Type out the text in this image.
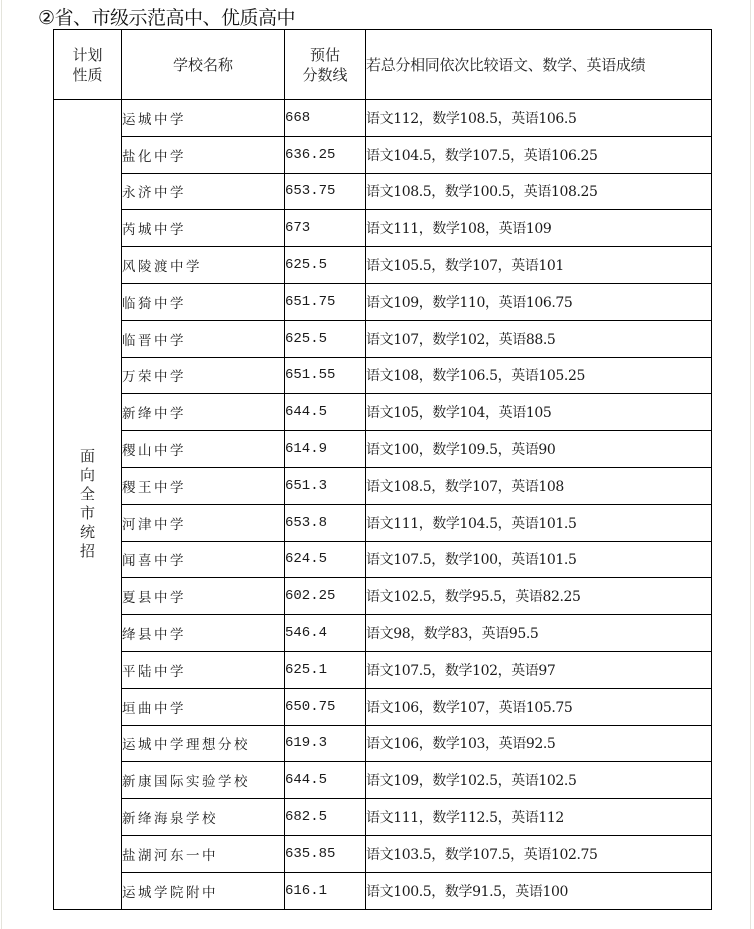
②省、市级示范高中、优质高中
计划
性质
	学校名称	
预估
分数线
	若总分相同依次比较语文、数学、英语成绩

面
向
全
市
统
招
	运城中学	668	语文112，数学108.5，英语106.5
	盐化中学	636.25	语文104.5，数学107.5，英语106.25
	永济中学	653.75	语文108.5，数学100.5，英语108.25
	芮城中学	673	语文111，数学108，英语109
	风陵渡中学	625.5	语文105.5，数学107，英语101
	临猗中学	651.75	语文109，数学110，英语106.75
	临晋中学	625.5	语文107，数学102，英语88.5
	万荣中学	651.55	语文108，数学106.5，英语105.25
	新绛中学	644.5	语文105，数学104，英语105
	稷山中学	614.9	语文100，数学109.5，英语90
	稷王中学	651.3	语文108.5，数学107，英语108
	河津中学	653.8	语文111，数学104.5，英语101.5
	闻喜中学	624.5	语文107.5，数学100，英语101.5
	夏县中学	602.25	语文102.5，数学95.5，英语82.25
	绛县中学	546.4	语文98，数学83，英语95.5
	平陆中学	625.1	语文107.5，数学102，英语97
	垣曲中学	650.75	语文106，数学107，英语105.75
	运城中学理想分校	619.3	语文106，数学103，英语92.5
	新康国际实验学校	644.5	语文109，数学102.5，英语102.5
	新绛海泉学校	682.5	语文111，数学112.5，英语112
	盐湖河东一中	635.85	语文103.5，数学107.5，英语102.75
	运城学院附中	616.1	语文100.5，数学91.5，英语100
